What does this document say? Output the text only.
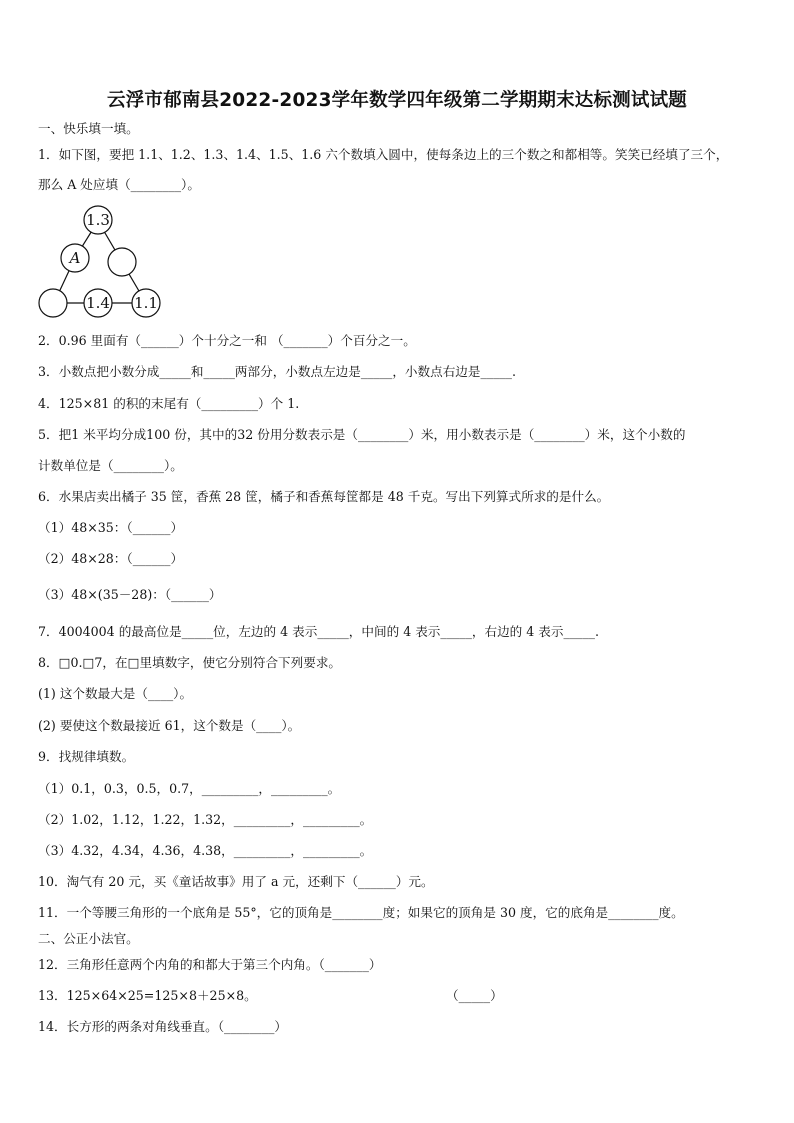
云浮市郁南县2022-2023学年数学四年级第二学期期末达标测试试题
一、快乐填一填。
1．如下图，要把 1.1、1.2、1.3、1.4、1.5、1.6 六个数填入圆中，使每条边上的三个数之和都相等。笑笑已经填了三个，
那么 A 处应填（________）。
1.3
A
1.4 1.1
2．0.96 里面有（______）个十分之一和 （_______）个百分之一。
3．小数点把小数分成_____和_____两部分，小数点左边是_____，小数点右边是_____.
4．125×81 的积的末尾有（_________）个 1.
5．把1 米平均分成100 份，其中的32 份用分数表示是（________）米，用小数表示是（________）米，这个小数的
计数单位是（________）。
6．水果店卖出橘子 35 筐，香蕉 28 筐，橘子和香蕉每筐都是 48 千克。写出下列算式所求的是什么。
（1）48×35：（______）
（2）48×28：（______）
（3）48×(35－28)：（______）
7．4004004 的最高位是_____位，左边的 4 表示_____，中间的 4 表示_____，右边的 4 表示_____.
8．□0.□7，在□里填数字，使它分别符合下列要求。
(1) 这个数最大是（____）。
(2) 要使这个数最接近 61，这个数是（____）。
9．找规律填数。
（1）0.1，0.3，0.5，0.7，_________，_________。
（2）1.02，1.12，1.22，1.32，_________，_________。
（3）4.32，4.34，4.36，4.38，_________，_________。
10．淘气有 20 元，买《童话故事》用了 a 元，还剩下（______）元。
11．一个等腰三角形的一个底角是 55°，它的顶角是________度；如果它的顶角是 30 度，它的底角是________度。
二、公正小法官。
12．三角形任意两个内角的和都大于第三个内角。（_______）
13．125×64×25=125×8＋25×8。	（_____）
14．长方形的两条对角线垂直。（________）
